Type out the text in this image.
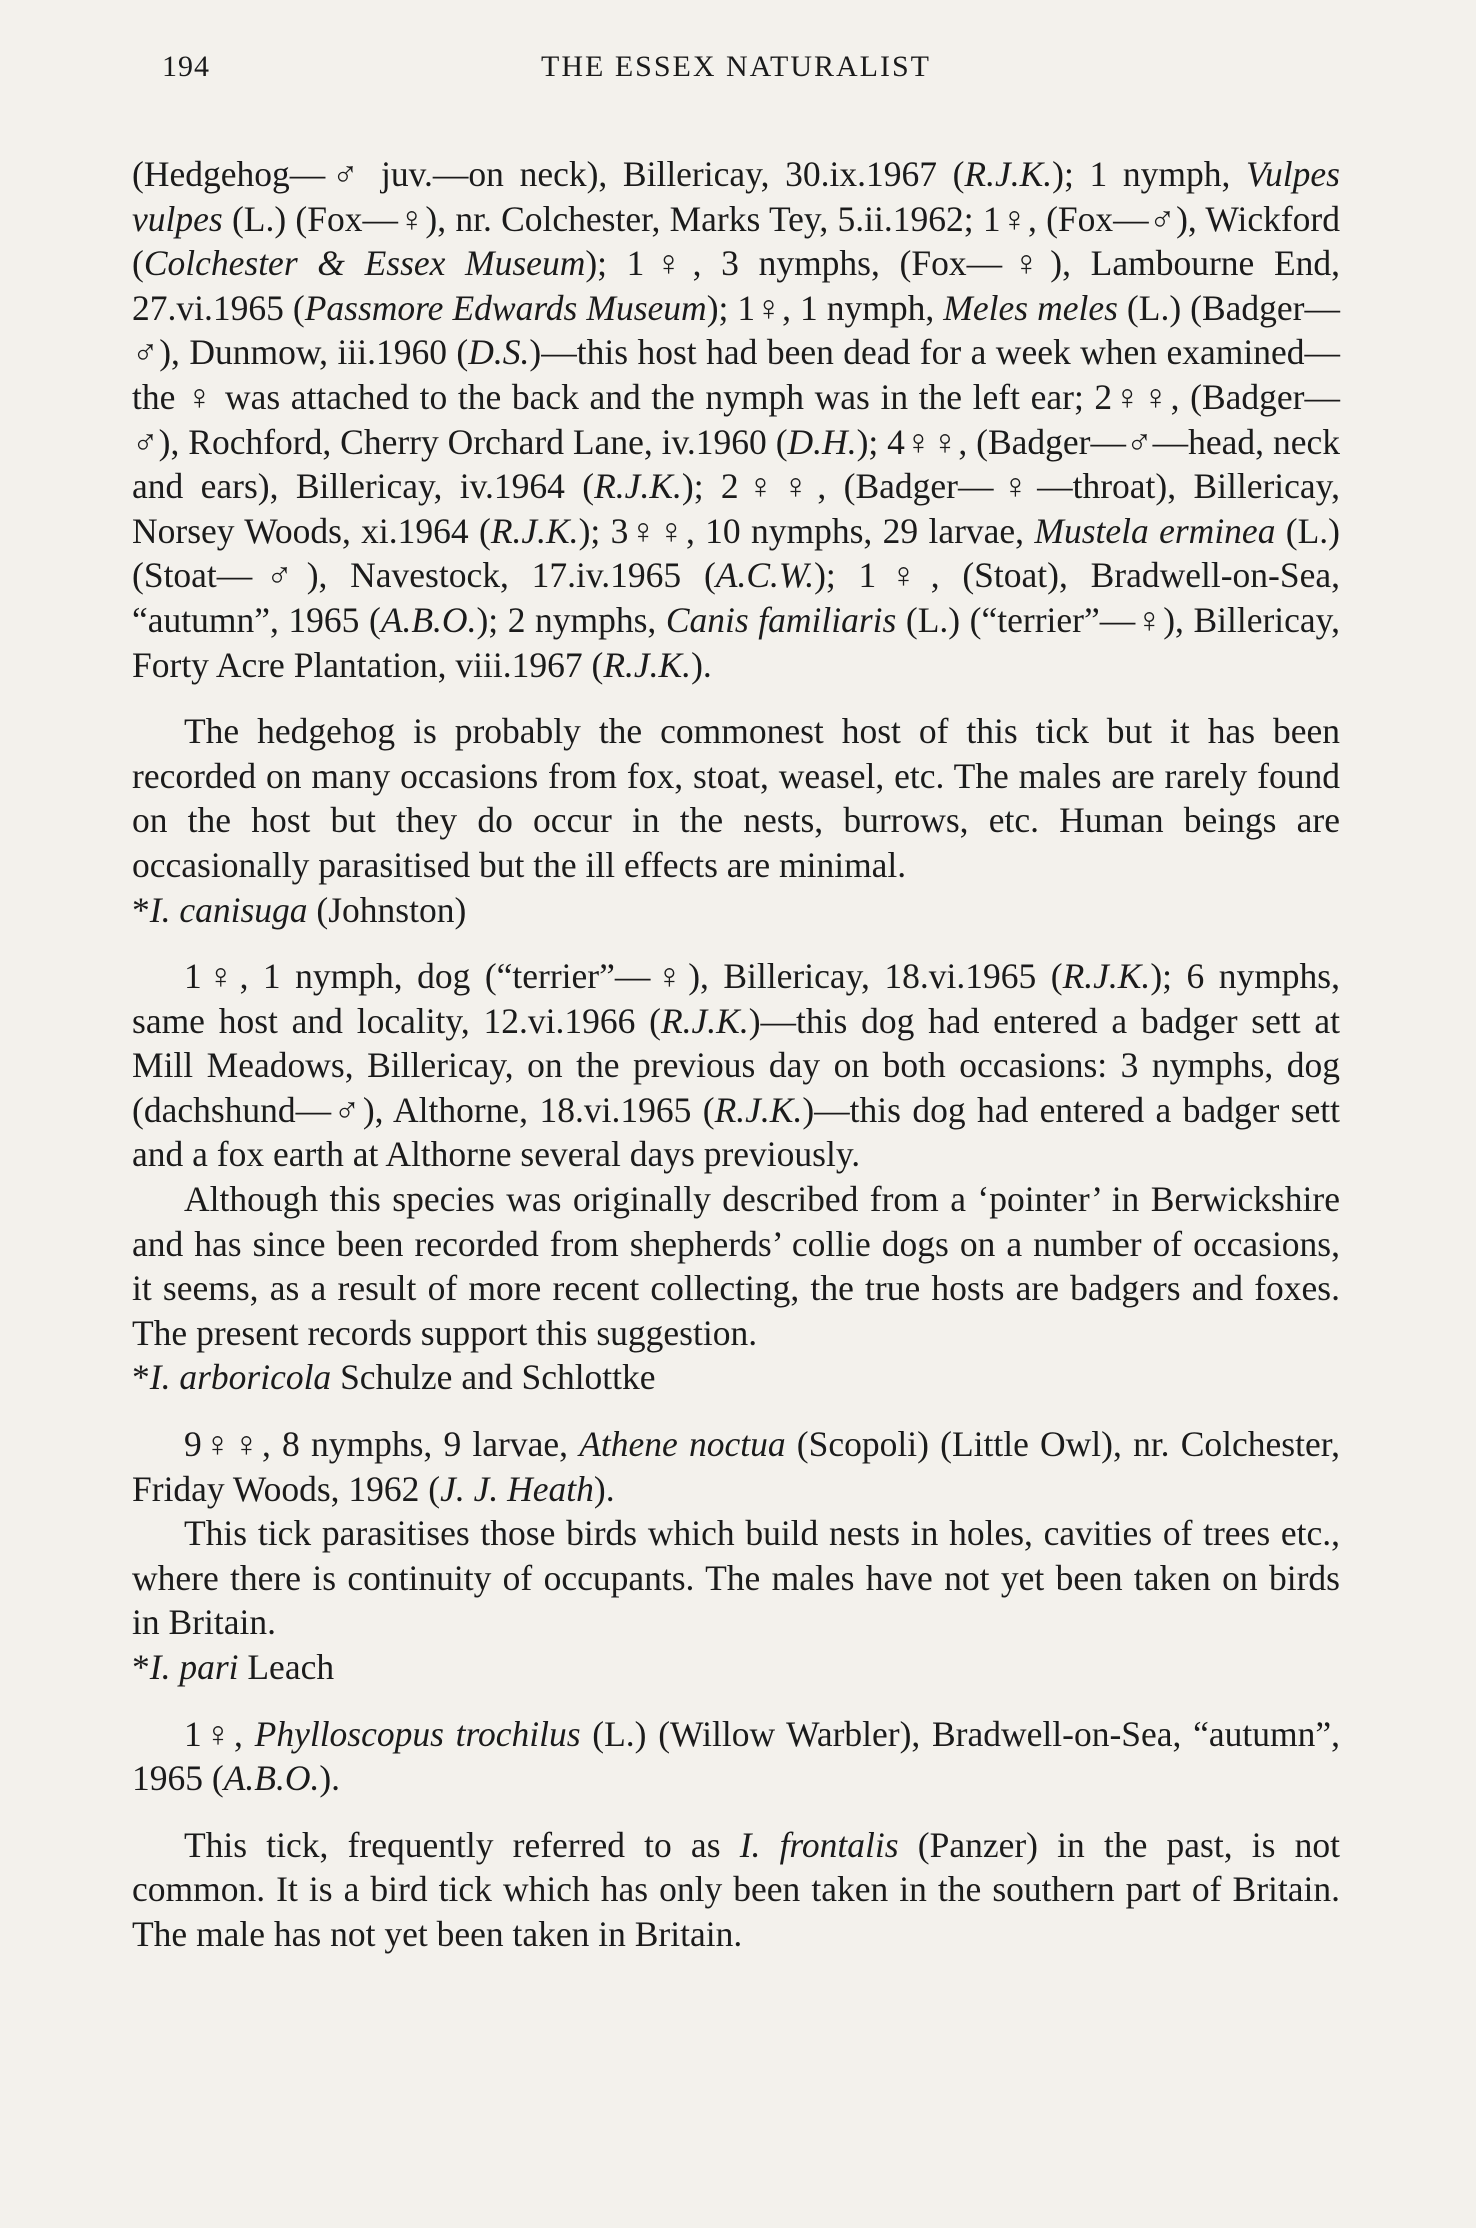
194	THE ESSEX NATURALIST

(Hedgehog—♂ juv.—on neck), Billericay, 30.ix.1967 (R.J.K.); 1 nymph, Vulpes vulpes (L.) (Fox—♀), nr. Colchester, Marks Tey, 5.ii.1962; 1♀, (Fox—♂), Wickford (Colchester & Essex Museum); 1♀, 3 nymphs, (Fox—♀), Lambourne End, 27.vi.1965 (Passmore Edwards Museum); 1♀, 1 nymph, Meles meles (L.) (Badger—♂), Dunmow, iii.1960 (D.S.)—this host had been dead for a week when examined—the ♀ was attached to the back and the nymph was in the left ear; 2♀♀, (Badger—♂), Rochford, Cherry Orchard Lane, iv.1960 (D.H.); 4♀♀, (Badger—♂—head, neck and ears), Billericay, iv.1964 (R.J.K.); 2♀♀, (Badger—♀—throat), Billericay, Norsey Woods, xi.1964 (R.J.K.); 3♀♀, 10 nymphs, 29 larvae, Mustela erminea (L.) (Stoat—♂), Navestock, 17.iv.1965 (A.C.W.); 1♀, (Stoat), Bradwell-on-Sea, “autumn”, 1965 (A.B.O.); 2 nymphs, Canis familiaris (L.) (“terrier”—♀), Billericay, Forty Acre Plantation, viii.1967 (R.J.K.).

The hedgehog is probably the commonest host of this tick but it has been recorded on many occasions from fox, stoat, weasel, etc. The males are rarely found on the host but they do occur in the nests, burrows, etc. Human beings are occasionally parasitised but the ill effects are minimal.

*I. canisuga (Johnston)

1♀, 1 nymph, dog (“terrier”—♀), Billericay, 18.vi.1965 (R.J.K.); 6 nymphs, same host and locality, 12.vi.1966 (R.J.K.)—this dog had entered a badger sett at Mill Meadows, Billericay, on the previous day on both occasions: 3 nymphs, dog (dachshund—♂), Althorne, 18.vi.1965 (R.J.K.)—this dog had entered a badger sett and a fox earth at Althorne several days previously.

Although this species was originally described from a ‘pointer’ in Berwickshire and has since been recorded from shepherds’ collie dogs on a number of occasions, it seems, as a result of more recent collecting, the true hosts are badgers and foxes. The present records support this suggestion.

*I. arboricola Schulze and Schlottke

9♀♀, 8 nymphs, 9 larvae, Athene noctua (Scopoli) (Little Owl), nr. Colchester, Friday Woods, 1962 (J. J. Heath).

This tick parasitises those birds which build nests in holes, cavities of trees etc., where there is continuity of occupants. The males have not yet been taken on birds in Britain.

*I. pari Leach

1♀, Phylloscopus trochilus (L.) (Willow Warbler), Bradwell-on-Sea, “autumn”, 1965 (A.B.O.).

This tick, frequently referred to as I. frontalis (Panzer) in the past, is not common. It is a bird tick which has only been taken in the southern part of Britain. The male has not yet been taken in Britain.
